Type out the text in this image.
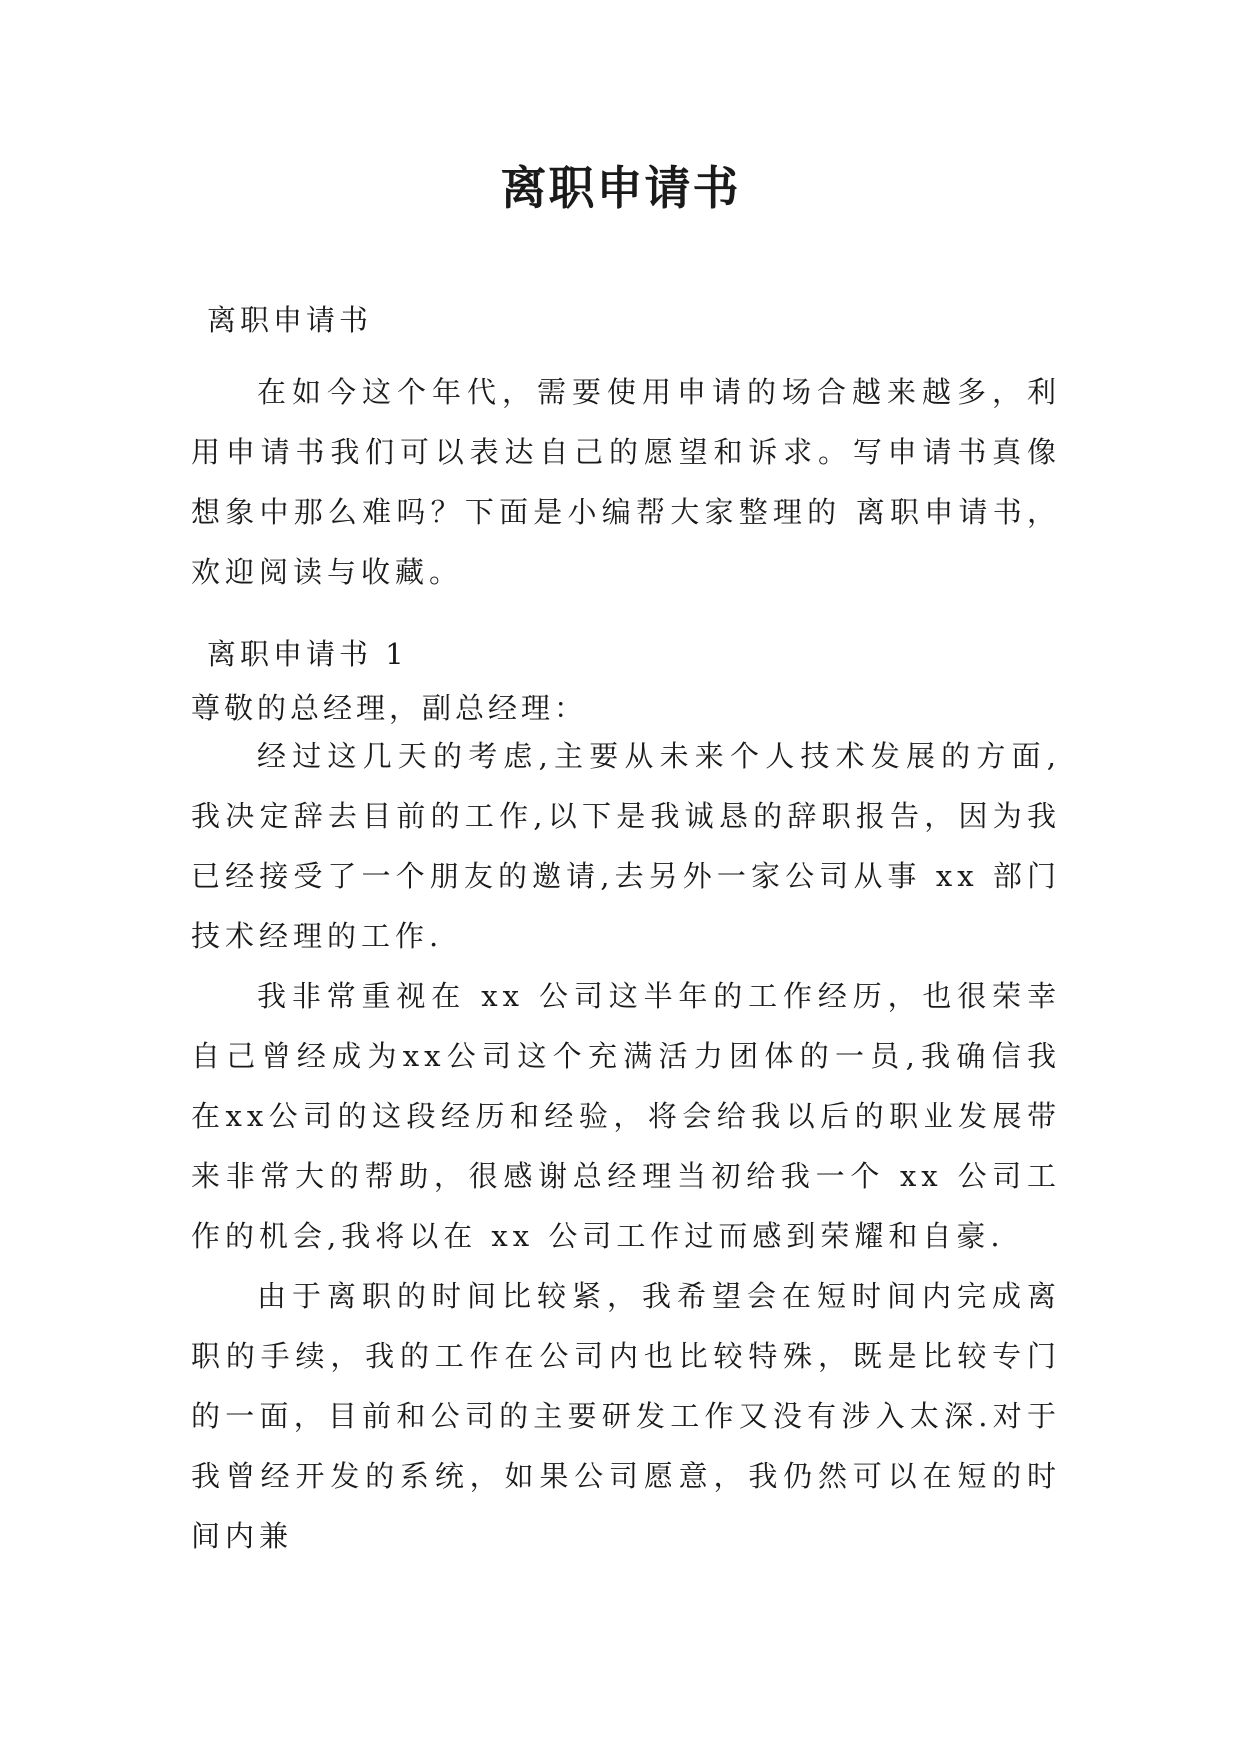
离职申请书

离职申请书

在如今这个年代，需要使用申请的场合越来越多，利用申请书我们可以表达自己的愿望和诉求。写申请书真像想象中那么难吗？下面是小编帮大家整理的 离职申请书，欢迎阅读与收藏。

离职申请书 1

尊敬的总经理，副总经理：

经过这几天的考虑,主要从未来个人技术发展的方面,我决定辞去目前的工作,以下是我诚恳的辞职报告，因为我已经接受了一个朋友的邀请,去另外一家公司从事 xx 部门技术经理的工作.

我非常重视在 xx 公司这半年的工作经历，也很荣幸自己曾经成为xx公司这个充满活力团体的一员,我确信我在xx公司的这段经历和经验，将会给我以后的职业发展带来非常大的帮助，很感谢总经理当初给我一个 xx 公司工作的机会,我将以在 xx 公司工作过而感到荣耀和自豪.

由于离职的时间比较紧，我希望会在短时间内完成离职的手续，我的工作在公司内也比较特殊，既是比较专门的一面，目前和公司的主要研发工作又没有涉入太深.对于我曾经开发的系统，如果公司愿意，我仍然可以在短的时间内兼
